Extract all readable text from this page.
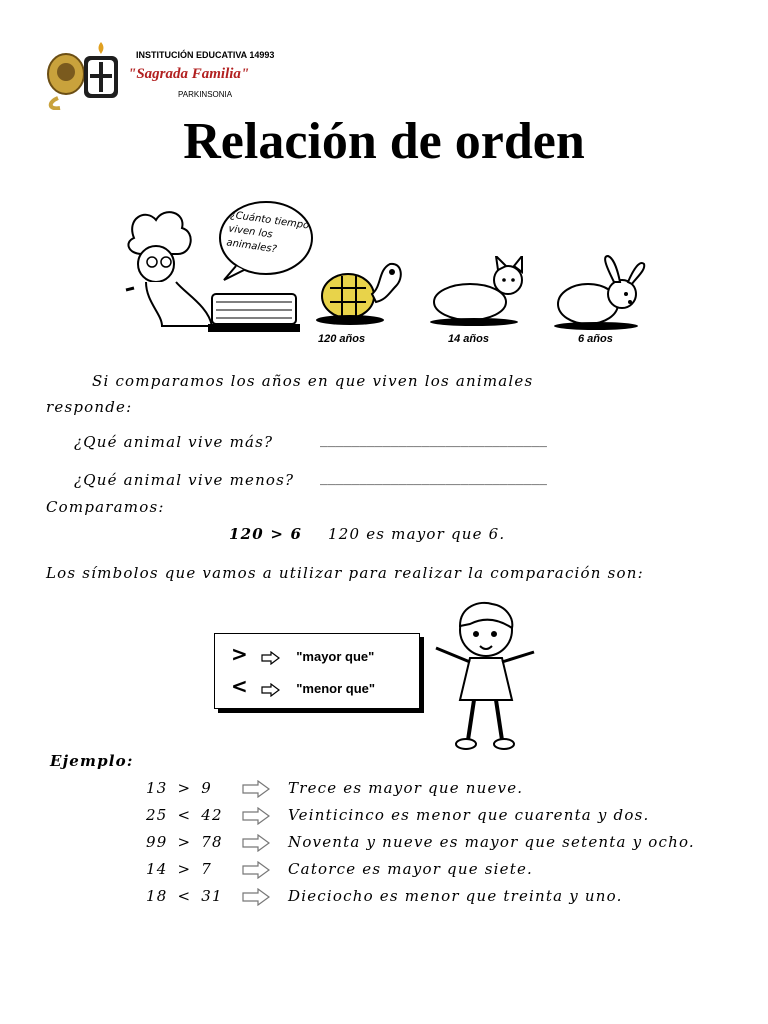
INSTITUCIÓN EDUCATIVA 14993
"Sagrada Familia"
PARKINSONIA
Relación de orden
¿Cuánto tiempo viven los animales?
120 años	14 años	6 años
Si comparamos los años en que viven los animales
responde:
¿Qué animal vive más?	_____________________________
¿Qué animal vive menos? _____________________________
Comparamos:
120 > 6 120 es mayor que 6.
Los símbolos que vamos a utilizar para realizar la comparación son:
>	"mayor que"
<	"menor que"
Ejemplo:
13 > 9	Trece es mayor que nueve.
25 < 42	Veinticinco es menor que cuarenta y dos.
99 > 78	Noventa y nueve es mayor que setenta y ocho.
14 > 7	Catorce es mayor que siete.
18 < 31	Dieciocho es menor que treinta y uno.
